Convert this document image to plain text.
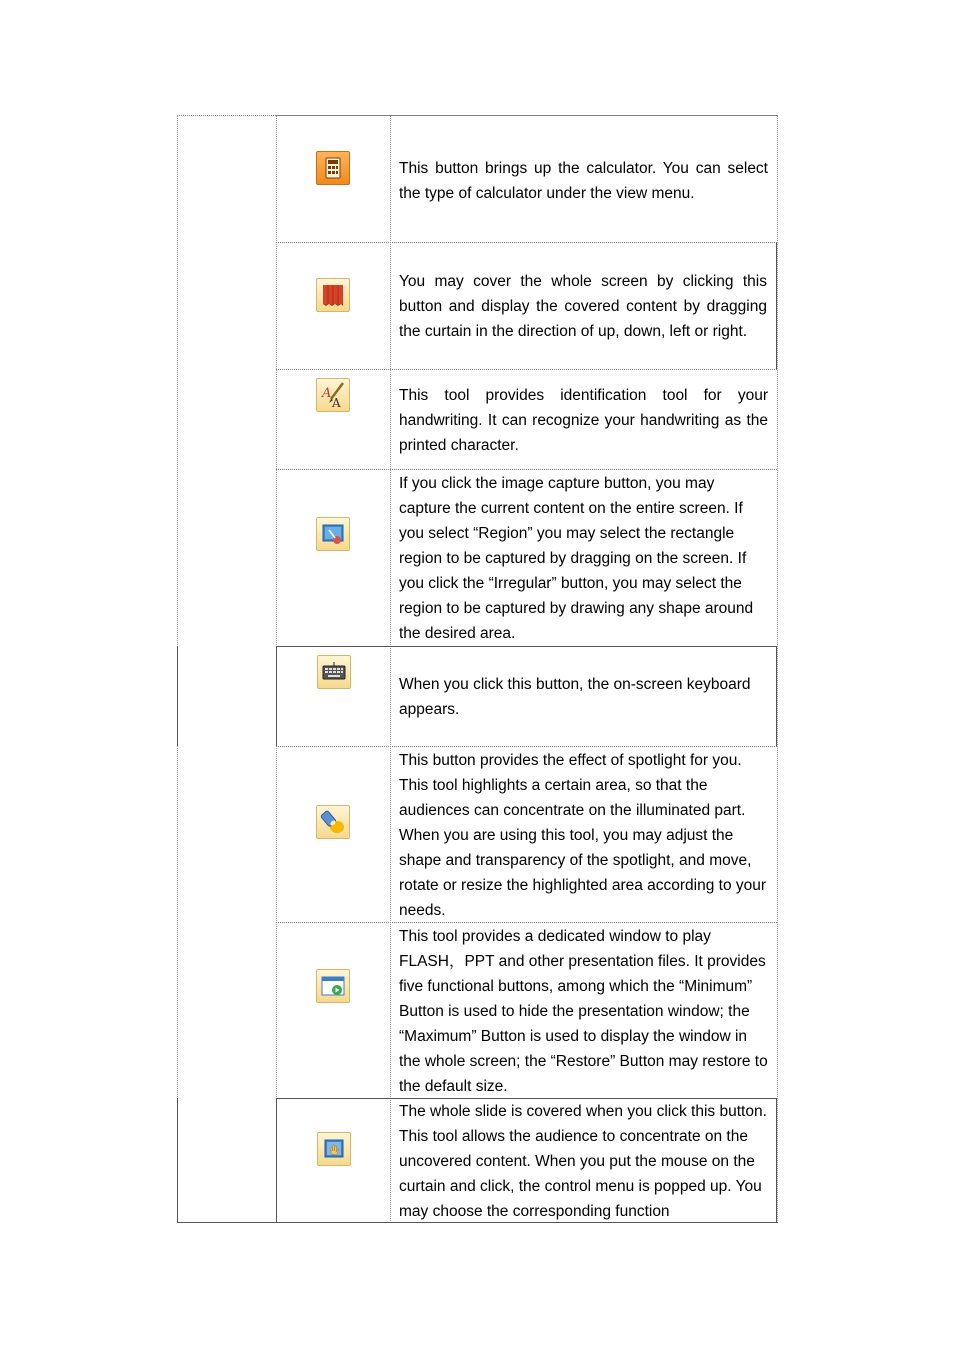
This button brings up the calculator. You can select the type of calculator under the view menu.

You may cover the whole screen by clicking this button and display the covered content by dragging the curtain in the direction of up, down, left or right.

A
A	This tool provides identification tool for your handwriting. It can recognize your handwriting as the printed character.

If you click the image capture button, you may capture the current content on the entire screen. If you select “Region” you may select the rectangle region to be captured by dragging on the screen. If you click the “Irregular” button, you may select the region to be captured by drawing any shape around the desired area.

When you click this button, the on-screen keyboard appears.

This button provides the effect of spotlight for you. This tool highlights a certain area, so that the audiences can concentrate on the illuminated part. When you are using this tool, you may adjust the shape and transparency of the spotlight, and move, rotate or resize the highlighted area according to your needs.

This tool provides a dedicated window to play FLASH，PPT and other presentation files. It provides five functional buttons, among which the “Minimum” Button is used to hide the presentation window; the “Maximum” Button is used to display the window in the whole screen; the “Restore” Button may restore to the default size.

The whole slide is covered when you click this button. This tool allows the audience to concentrate on the uncovered content. When you put the mouse on the curtain and click, the control menu is popped up. You may choose the corresponding function
